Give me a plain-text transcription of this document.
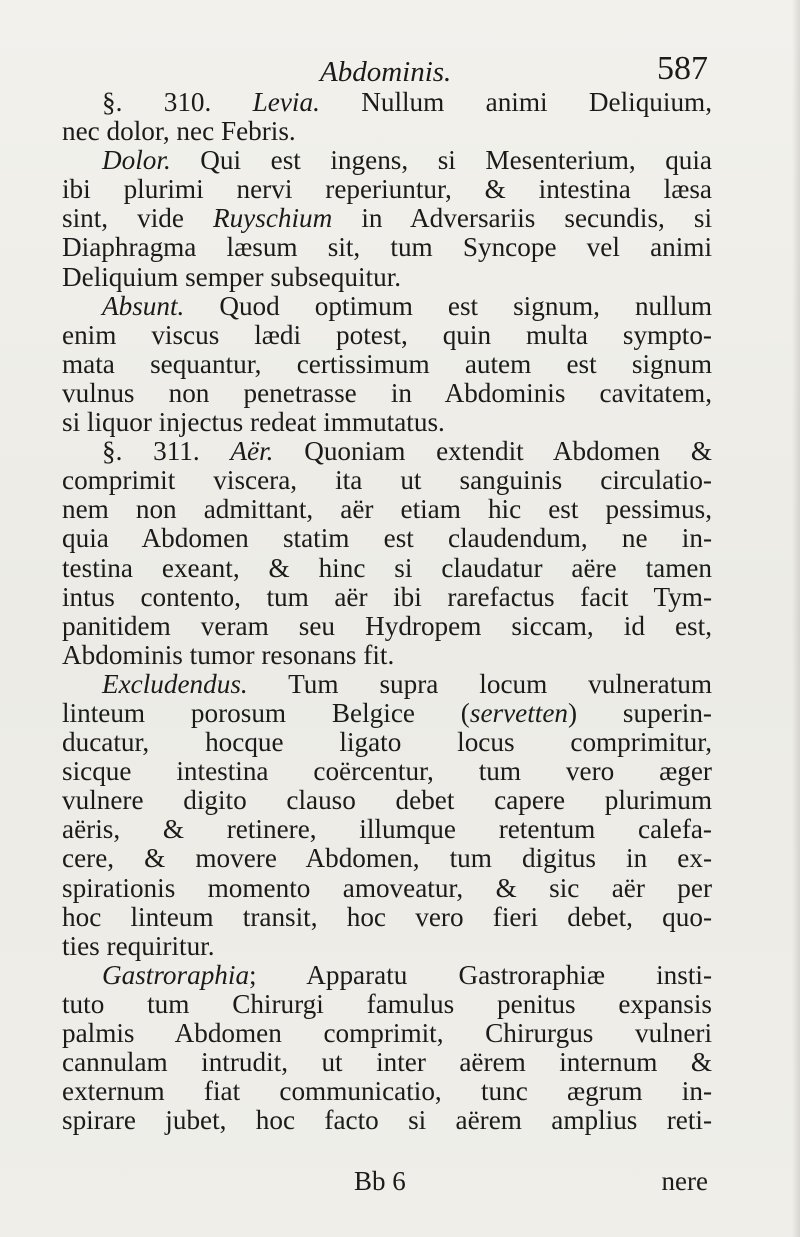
Abdominis.	587
§. 310. Levia. Nullum animi Deliquium,
nec dolor, nec Febris.
Dolor. Qui est ingens, si Mesenterium, quia
ibi plurimi nervi reperiuntur, & intestina læsa
sint, vide Ruyschium in Adversariis secundis, si
Diaphragma læsum sit, tum Syncope vel animi
Deliquium semper subsequitur.
Absunt. Quod optimum est signum, nullum
enim viscus lædi potest, quin multa sympto-
mata sequantur, certissimum autem est signum
vulnus non penetrasse in Abdominis cavitatem,
si liquor injectus redeat immutatus.
§. 311. Aër. Quoniam extendit Abdomen &
comprimit viscera, ita ut sanguinis circulatio-
nem non admittant, aër etiam hic est pessimus,
quia Abdomen statim est claudendum, ne in-
testina exeant, & hinc si claudatur aëre tamen
intus contento, tum aër ibi rarefactus facit Tym-
panitidem veram seu Hydropem siccam, id est,
Abdominis tumor resonans fit.
Excludendus. Tum supra locum vulneratum
linteum porosum Belgice (servetten) superin-
ducatur, hocque ligato locus comprimitur,
sicque intestina coërcentur, tum vero æger
vulnere digito clauso debet capere plurimum
aëris, & retinere, illumque retentum calefa-
cere, & movere Abdomen, tum digitus in ex-
spirationis momento amoveatur, & sic aër per
hoc linteum transit, hoc vero fieri debet, quo-
ties requiritur.
Gastroraphia; Apparatu Gastroraphiæ insti-
tuto tum Chirurgi famulus penitus expansis
palmis Abdomen comprimit, Chirurgus vulneri
cannulam intrudit, ut inter aërem internum &
externum fiat communicatio, tunc ægrum in-
spirare jubet, hoc facto si aërem amplius reti-
Bb 6	nere
